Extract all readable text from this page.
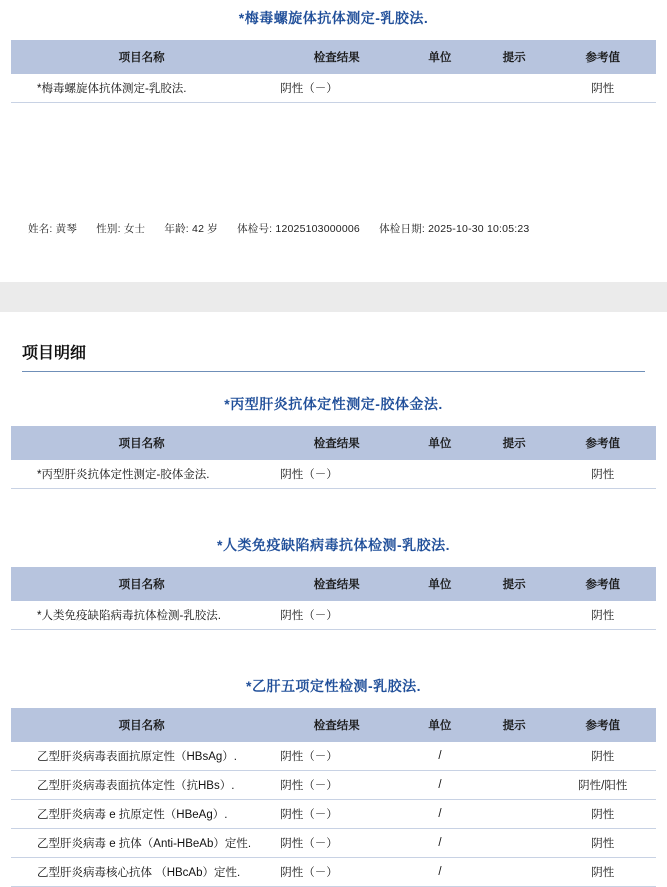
*梅毒螺旋体抗体测定-乳胶法.
项目名称	检查结果	单位	提示	参考值
*梅毒螺旋体抗体测定-乳胶法.	阴性（－）			阴性
姓名: 黄琴 性别: 女士 年龄: 42 岁 体检号: 12025103000006 体检日期: 2025-10-30 10:05:23
项目明细
*丙型肝炎抗体定性测定-胶体金法.
项目名称	检查结果	单位	提示	参考值
*丙型肝炎抗体定性测定-胶体金法.	阴性（－）			阴性
*人类免疫缺陷病毒抗体检测-乳胶法.
项目名称	检查结果	单位	提示	参考值
*人类免疫缺陷病毒抗体检测-乳胶法.	阴性（－）			阴性
*乙肝五项定性检测-乳胶法.
项目名称	检查结果	单位	提示	参考值
乙型肝炎病毒表面抗原定性（HBsAg）.	阴性（－）	/		阴性
乙型肝炎病毒表面抗体定性（抗HBs）.	阴性（－）	/		阴性/阳性
乙型肝炎病毒 e 抗原定性（HBeAg）.	阴性（－）	/		阴性
乙型肝炎病毒 e 抗体（Anti-HBeAb）定性.	阴性（－）	/		阴性
乙型肝炎病毒核心抗体 （HBcAb）定性.	阴性（－）	/		阴性
